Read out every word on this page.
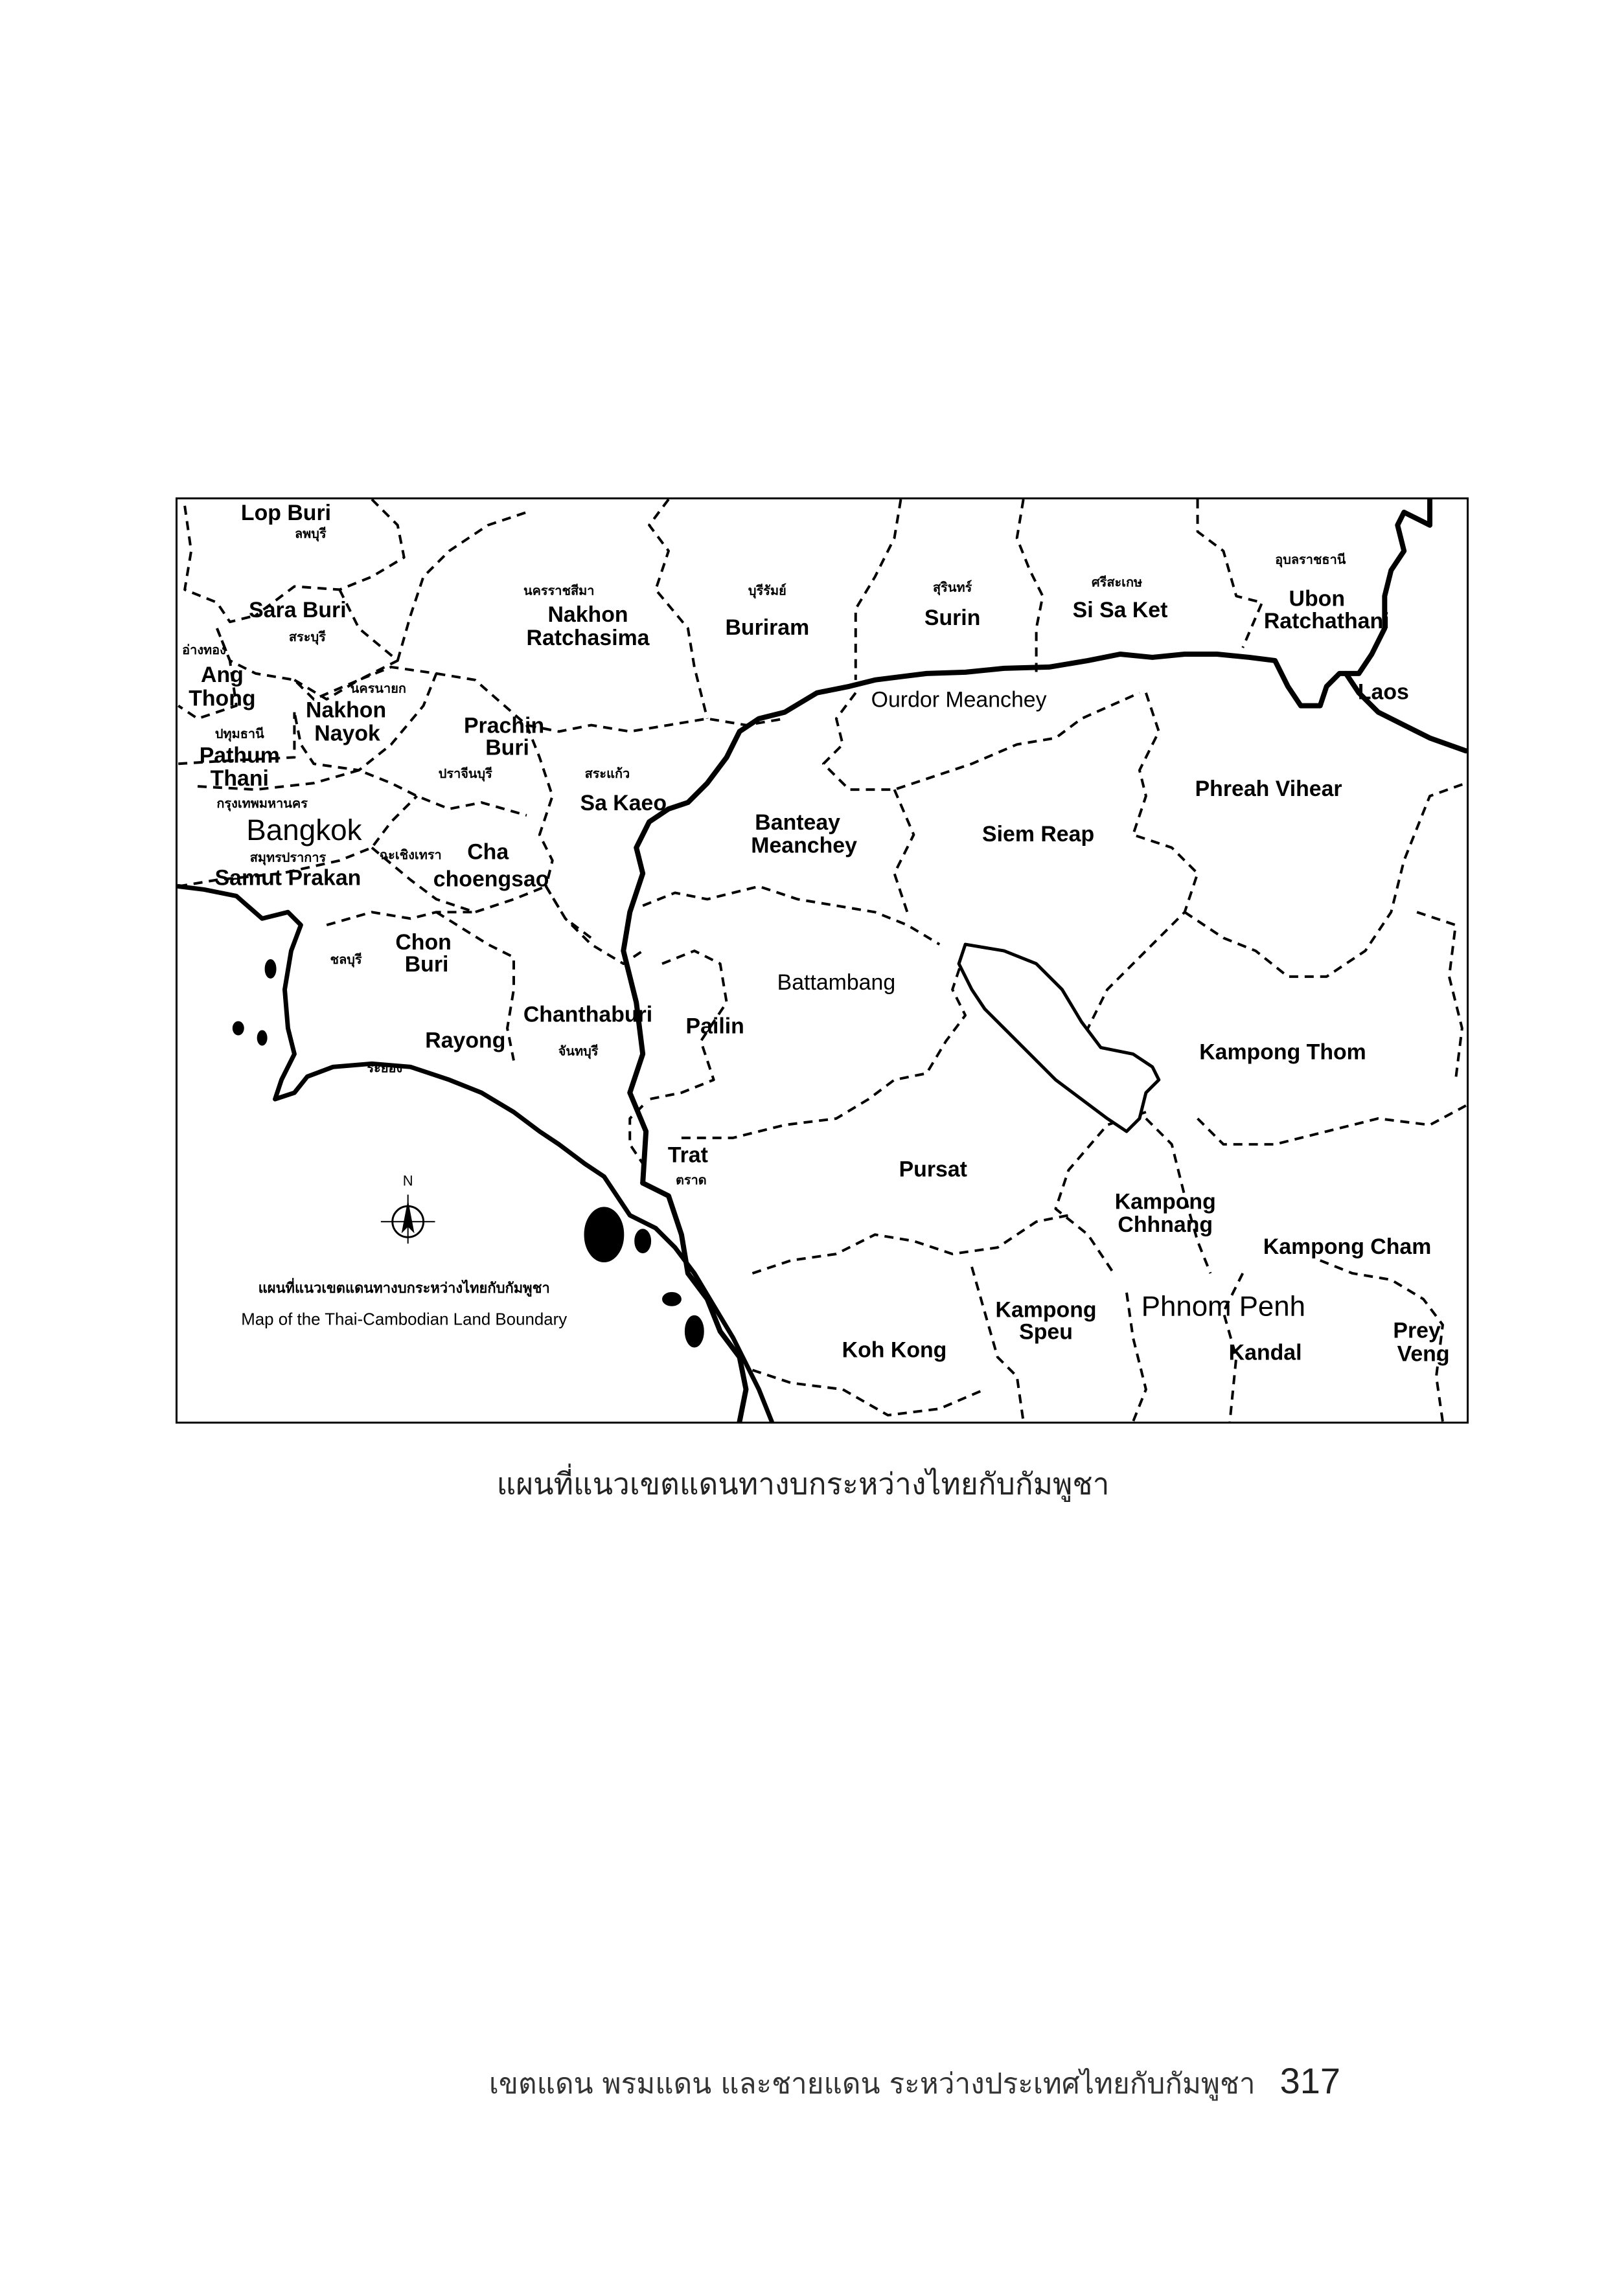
N
แผนที่แนวเขตแดนทางบกระหว่างไทยกับกัมพูชา
Map of the Thai-Cambodian Land Boundary
Lop Buri
ลพบุรี
Sara Buri
สระบุรี
อ่างทอง
Ang
Thong	นครนายก
Nakhon
Nayok
ปทุมธานี
Pathum
Thani
กรุงเทพมหานคร
Bangkok
สมุทรปราการ
Samut Prakan
นครราชสีมา
Nakhon
Ratchasima
Prachin
Buri
ปราจีนบุรี	สระแก้ว
Sa Kaeo
ฉะเชิงเทรา Cha
choengsao
Chon
Buri
ชลบุรี
Rayong
ระยอง
Chanthaburi
จันทบุรี
Trat
ตราด
บุรีรัมย์
Buriram
สุรินทร์
Surin
ศรีสะเกษ
Si Sa Ket
อุบลราชธานี
Ubon
Ratchathani
Ourdor Meanchey
Banteay
Meanchey	Siem Reap
Phreah Vihear
Battambang
Pailin
Kampong Thom
Pursat
Kampong
Chhnang
Kampong Cham
Kampong
Speu
Phnom Penh
Kandal
Prey
Veng
Koh Kong
Laos
แผนที่แนวเขตแดนทางบกระหว่างไทยกับกัมพูชา
เขตแดน พรมแดน และชายแดน ระหว่างประเทศไทยกับกัมพูชา 317
